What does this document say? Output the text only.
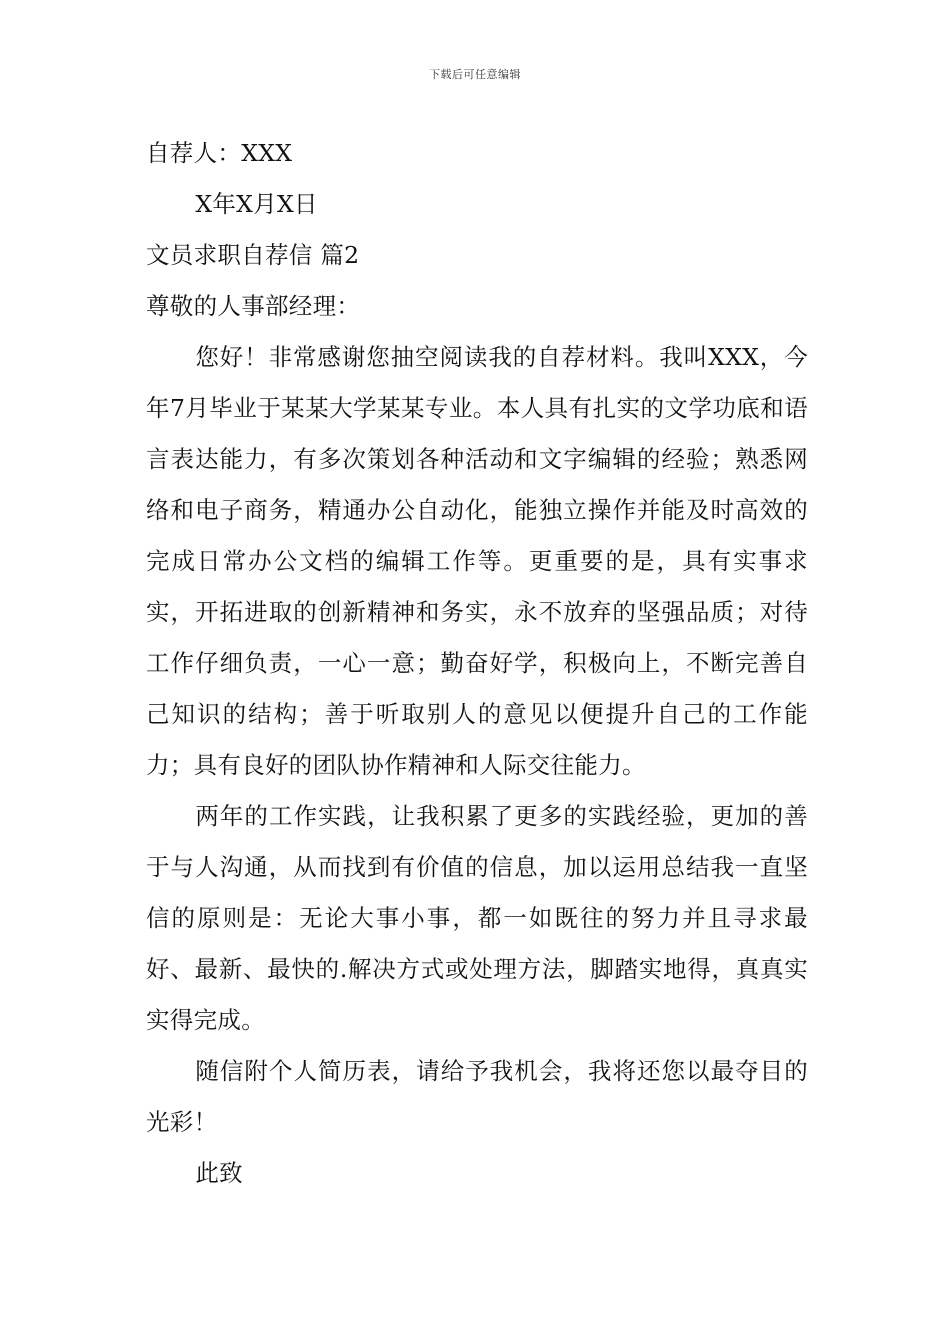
下载后可任意编辑

自荐人：XXX

X年X月X日

文员求职自荐信 篇2

尊敬的人事部经理：

您好！非常感谢您抽空阅读我的自荐材料。我叫XXX，今年7月毕业于某某大学某某专业。本人具有扎实的文学功底和语言表达能力，有多次策划各种活动和文字编辑的经验；熟悉网络和电子商务，精通办公自动化，能独立操作并能及时高效的完成日常办公文档的编辑工作等。更重要的是，具有实事求实，开拓进取的创新精神和务实，永不放弃的坚强品质；对待工作仔细负责，一心一意；勤奋好学，积极向上，不断完善自己知识的结构；善于听取别人的意见以便提升自己的工作能力；具有良好的团队协作精神和人际交往能力。

两年的工作实践，让我积累了更多的实践经验，更加的善于与人沟通，从而找到有价值的信息，加以运用总结我一直坚信的原则是：无论大事小事，都一如既往的努力并且寻求最好、最新、最快的.解决方式或处理方法，脚踏实地得，真真实实得完成。

随信附个人简历表，请给予我机会，我将还您以最夺目的光彩！

此致
